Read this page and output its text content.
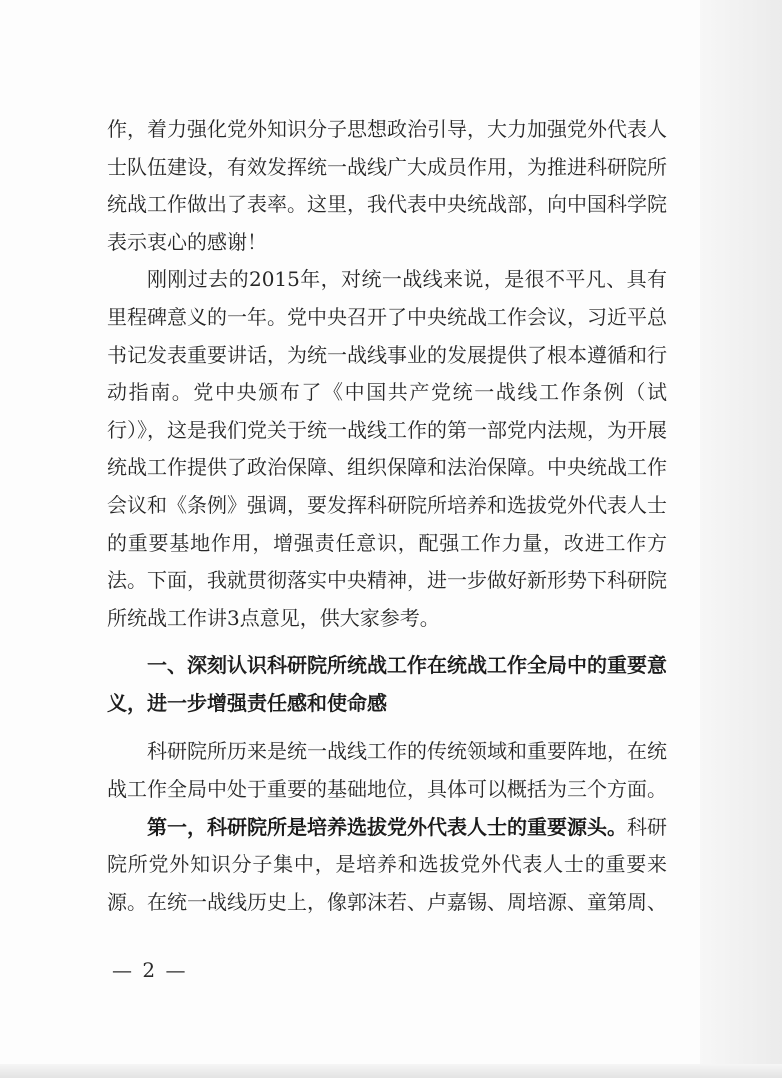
作，着力强化党外知识分子思想政治引导，大力加强党外代表人士队伍建设，有效发挥统一战线广大成员作用，为推进科研院所统战工作做出了表率。这里，我代表中央统战部，向中国科学院表示衷心的感谢！

刚刚过去的2015年，对统一战线来说，是很不平凡、具有里程碑意义的一年。党中央召开了中央统战工作会议，习近平总书记发表重要讲话，为统一战线事业的发展提供了根本遵循和行动指南。党中央颁布了《中国共产党统一战线工作条例（试行）》，这是我们党关于统一战线工作的第一部党内法规，为开展统战工作提供了政治保障、组织保障和法治保障。中央统战工作会议和《条例》强调，要发挥科研院所培养和选拔党外代表人士的重要基地作用，增强责任意识，配强工作力量，改进工作方法。下面，我就贯彻落实中央精神，进一步做好新形势下科研院所统战工作讲3点意见，供大家参考。

一、深刻认识科研院所统战工作在统战工作全局中的重要意义，进一步增强责任感和使命感

科研院所历来是统一战线工作的传统领域和重要阵地，在统战工作全局中处于重要的基础地位，具体可以概括为三个方面。

第一，科研院所是培养选拔党外代表人士的重要源头。科研院所党外知识分子集中，是培养和选拔党外代表人士的重要来源。在统一战线历史上，像郭沫若、卢嘉锡、周培源、童第周、

— 2 —
